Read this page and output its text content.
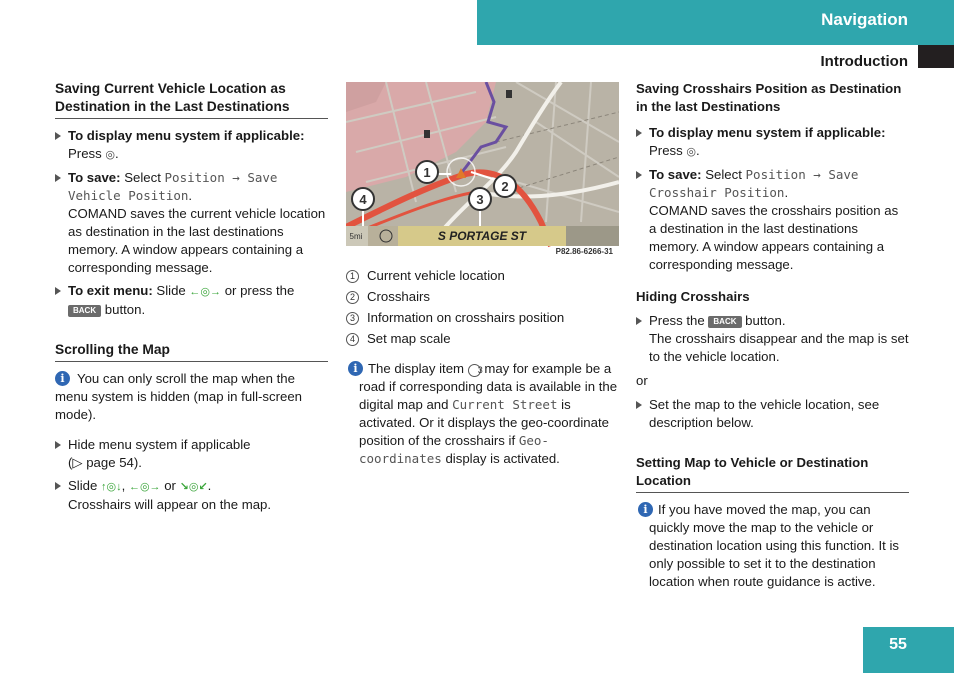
Navigation
Introduction
Saving Current Vehicle Location as Destination in the Last Destinations
To display menu system if applicable:
Press ◎.
To save: Select Position → Save Vehicle Position.
COMAND saves the current vehicle location as destination in the last destinations memory. A window appears containing a corresponding message.
To exit menu: Slide ←◎→ or press the
BACK button.
Scrolling the Map
i You can only scroll the map when the menu system is hidden (map in full-screen mode).
Hide menu system if applicable
(▷ page 54).
Slide ↑◎↓, ←◎→ or ↘◎↙.
Crosshairs will appear on the map.
1
2
3
4
5mi	S PORTAGE ST
P82.86-6266-31
1 Current vehicle location
2 Crosshairs
3 Information on crosshairs position
4 Set map scale
i The display item 3 may for example be a road if corresponding data is available in the digital map and Current Street is activated. Or it displays the geo-coordinate position of the crosshairs if Geo-coordinates display is activated.
Saving Crosshairs Position as Destination in the last Destinations
To display menu system if applicable:
Press ◎.
To save: Select Position → Save Crosshair Position.
COMAND saves the crosshairs position as a destination in the last destinations memory. A window appears containing a corresponding message.
Hiding Crosshairs
Press the BACK button.
The crosshairs disappear and the map is set to the vehicle location.
or
Set the map to the vehicle location, see description below.
Setting Map to Vehicle or Destination Location
i If you have moved the map, you can quickly move the map to the vehicle or destination location using this function. It is only possible to set it to the destination location when route guidance is active.
55
